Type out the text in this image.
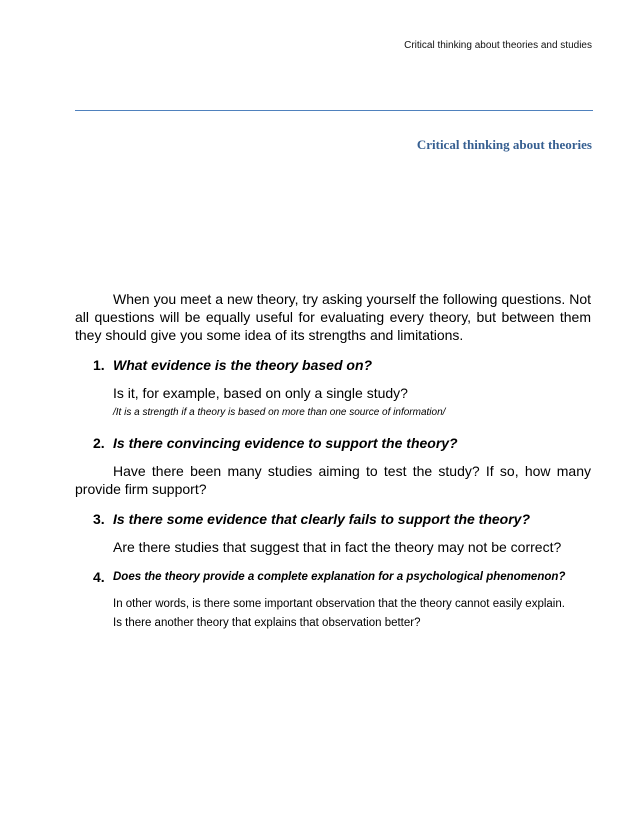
Critical thinking about theories and studies
Critical thinking about theories

When you meet a new theory, try asking yourself the following questions. Not all questions will be equally useful for evaluating every theory, but between them they should give you some idea of its strengths and limitations.

1. What evidence is the theory based on?

Is it, for example, based on only a single study?

/It is a strength if a theory is based on more than one source of information/

2. Is there convincing evidence to support the theory?

Have there been many studies aiming to test the study? If so, how many provide firm support?

3. Is there some evidence that clearly fails to support the theory?

Are there studies that suggest that in fact the theory may not be correct?

4. Does the theory provide a complete explanation for a psychological phenomenon?

In other words, is there some important observation that the theory cannot easily explain.

Is there another theory that explains that observation better?
